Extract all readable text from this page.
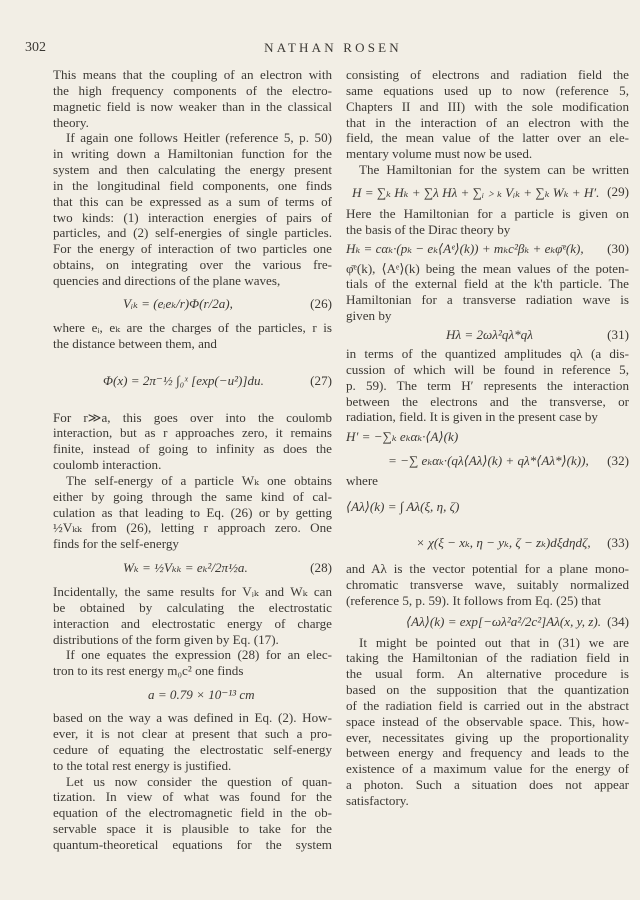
302	NATHAN ROSEN
This means that the coupling of an electron with
the high frequency components of the electro-
magnetic field is now weaker than in the classical
theory.
If again one follows Heitler (reference 5, p. 50)
in writing down a Hamiltonian function for the
system and then calculating the energy present
in the longitudinal field components, one finds
that this can be expressed as a sum of terms of
two kinds: (1) interaction energies of pairs of
particles, and (2) self-energies of single particles.
For the energy of interaction of two particles one
obtains, on integrating over the various fre-
quencies and directions of the plane waves,
Vᵢₖ = (eᵢeₖ/r)Φ(r/2a),	(26)
where eᵢ, eₖ are the charges of the particles, r is
the distance between them, and
Φ(x) = 2π⁻½ ∫₀ˣ [exp(−u²)]du.	(27)
For r≫a, this goes over into the coulomb
interaction, but as r approaches zero, it remains
finite, instead of going to infinity as does the
coulomb interaction.
The self-energy of a particle Wₖ one obtains
either by going through the same kind of cal-
culation as that leading to Eq. (26) or by getting
½Vₖₖ from (26), letting r approach zero. One
finds for the self-energy
Wₖ = ½Vₖₖ = eₖ²/2π½a.	(28)
Incidentally, the same results for Vᵢₖ and Wₖ can
be obtained by calculating the electrostatic
interaction and electrostatic energy of charge
distributions of the form given by Eq. (17).
If one equates the expression (28) for an elec-
tron to its rest energy m₀c² one finds
a = 0.79 × 10⁻¹³ cm
based on the way a was defined in Eq. (2). How-
ever, it is not clear at present that such a pro-
cedure of equating the electrostatic self-energy
to the total rest energy is justified.
Let us now consider the question of quan-
tization. In view of what was found for the
equation of the electromagnetic field in the ob-
servable space it is plausible to take for the
quantum-theoretical equations for the system
consisting of electrons and radiation field the
same equations used up to now (reference 5,
Chapters II and III) with the sole modification
that in the interaction of an electron with the
field, the mean value of the latter over an ele-
mentary volume must now be used.
The Hamiltonian for the system can be written
H = ∑ₖ Hₖ + ∑λ Hλ + ∑ᵢ﹥ₖ Vᵢₖ + ∑ₖ Wₖ + H′. (29)
Here the Hamiltonian for a particle is given on
the basis of the Dirac theory by
Hₖ = cαₖ·(pₖ − eₖ⟨Aᵉ⟩(k)) + mₖc²βₖ + eₖφ̄ᵉ(k),	(30)
φ̄ᵉ(k), ⟨Aᵉ⟩(k) being the mean values of the poten-
tials of the external field at the k'th particle. The
Hamiltonian for a transverse radiation wave is
given by
Hλ = 2ωλ²qλ*qλ	(31)
in terms of the quantized amplitudes qλ (a dis-
cussion of which will be found in reference 5,
p. 59). The term H′ represents the interaction
between the electrons and the transverse, or
radiation, field. It is given in the present case by
H′ = −∑ₖ eₖαₖ·⟨A⟩(k)
= −∑ eₖαₖ·(qλ⟨Aλ⟩(k) + qλ*⟨Aλ*⟩(k)),	(32)
where
⟨Aλ⟩(k) = ∫ Aλ(ξ, η, ζ)
× χ(ξ − xₖ, η − yₖ, ζ − zₖ)dξdηdζ,	(33)
and Aλ is the vector potential for a plane mono-
chromatic transverse wave, suitably normalized
(reference 5, p. 59). It follows from Eq. (25) that
⟨Aλ⟩(k) = exp[−ωλ²a²/2c²]Aλ(x, y, z). (34)
It might be pointed out that in (31) we are
taking the Hamiltonian of the radiation field in
the usual form. An alternative procedure is
based on the supposition that the quantization
of the radiation field is carried out in the abstract
space instead of the observable space. This, how-
ever, necessitates giving up the proportionality
between energy and frequency and leads to the
existence of a maximum value for the energy of
a photon. Such a situation does not appear
satisfactory.
